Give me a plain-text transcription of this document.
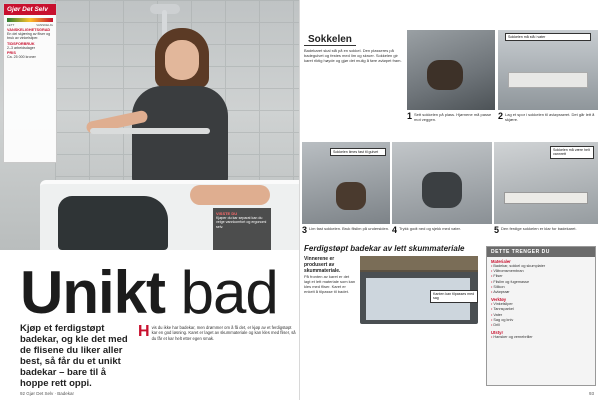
Gjør Det Selv
LETT	VANSKELIG
VANSKELIGHETSGRAD
En del skjæring av fliser og bruk av vinkelsliper.
TIDSFORBRUK
2–3 arbeidsdager
PRIS
Ca. 25 000 kroner
VISSTE DU
Kjøper du kar separat kan du velge vannkomfort og ergonomi selv.
Unikt bad
Kjøp et ferdigstøpt badekar, og kle det med de flisene du liker aller best, så får du et unikt badekar – bare til å hoppe rett oppi.
H vis du ikke har badekar, men drømmer om å få det, er kjøp av et ferdigstøpt kar en god løsning. Karet er laget av skummateriale og kan kles med fliser, så du får et kar helt etter egen smak.
92 Gjør Det Selv · Badekar
Sokkelen
Badekaret skal stå på en sokkel. Den plasseres på badegulvet og festes med lim og skruer. Sokkelen gir karet riktig høyde og gjør det mulig å føre avløpet fram.
Sokkelen må stå i vater
1 Sett sokkelen på plass. Hjørnene må passe mot veggen.	2 Lag et spor i sokkelen til avløpsrøret. Det går lett å skjære.
Sokkelen limes fast til gulvet	Sokkelen må være helt vannrett
3 Lim fast sokkelen. Bruk flislim på undersiden. 4 Trykk godt ned og sjekk med vater.	5 Den ferdige sokkelen er klar for badekaret.
Ferdigstøpt badekar av lett skummateriale
Vinnerene er produsert av skummateriale.
På fronten av karet er det lagt et lett materiale som kan kles med fliser. Karet er enkelt å tilpasse til badet.	Kanten kan tilpasses med sag
DETTE TRENGER DU
Materialer
• Badekar, sokkel og skumplater
• Våtromsmembran
• Fliser
• Flislim og fugemasse
• Silikon
• Avløpsrør
Verktøy
• Vinkelsliper
• Tannsparkel
• Vater
• Sag og kniv
• Drill
Utstyr
• Hansker og vernebriller
93
